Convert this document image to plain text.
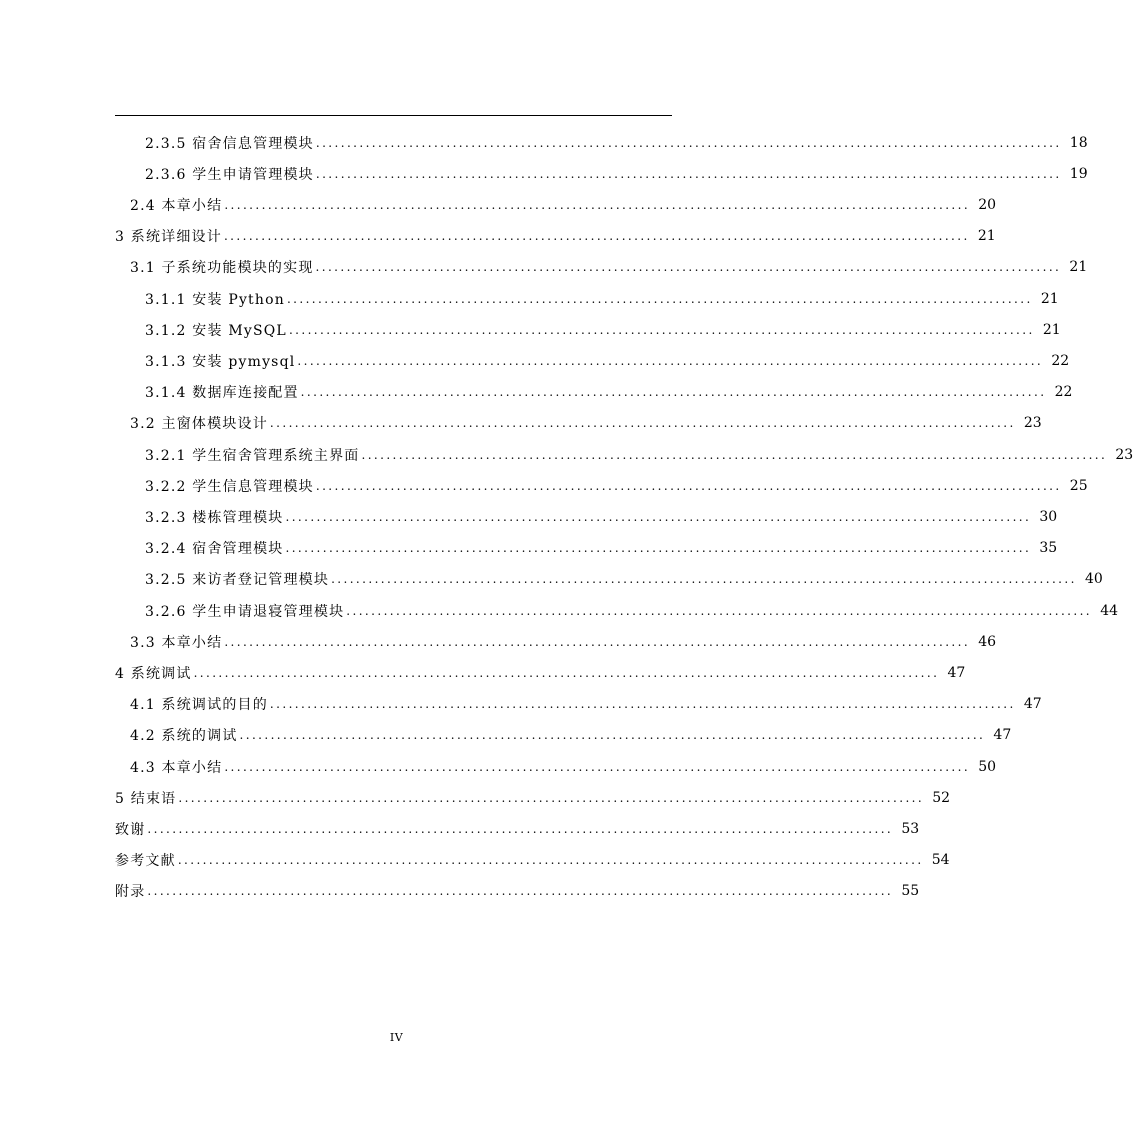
2.3.5 宿舍信息管理模块 ........................................................................................................................ 18
2.3.6 学生申请管理模块 ........................................................................................................................ 19
2.4 本章小结 ........................................................................................................................ 20
3 系统详细设计 ........................................................................................................................ 21
3.1 子系统功能模块的实现 ........................................................................................................................ 21
3.1.1 安装 Python ........................................................................................................................ 21
3.1.2 安装 MySQL ........................................................................................................................ 21
3.1.3 安装 pymysql ........................................................................................................................ 22
3.1.4 数据库连接配置 ........................................................................................................................ 22
3.2 主窗体模块设计 ........................................................................................................................ 23
3.2.1 学生宿舍管理系统主界面 ........................................................................................................................ 23
3.2.2 学生信息管理模块 ........................................................................................................................ 25
3.2.3 楼栋管理模块 ........................................................................................................................ 30
3.2.4 宿舍管理模块 ........................................................................................................................ 35
3.2.5 来访者登记管理模块 ........................................................................................................................ 40
3.2.6 学生申请退寝管理模块 ........................................................................................................................ 44
3.3 本章小结 ........................................................................................................................ 46
4 系统调试 ........................................................................................................................ 47
4.1 系统调试的目的 ........................................................................................................................ 47
4.2 系统的调试 ........................................................................................................................ 47
4.3 本章小结 ........................................................................................................................ 50
5 结束语 ........................................................................................................................ 52
致谢 ........................................................................................................................ 53
参考文献 ........................................................................................................................ 54
附录 ........................................................................................................................ 55
IV
